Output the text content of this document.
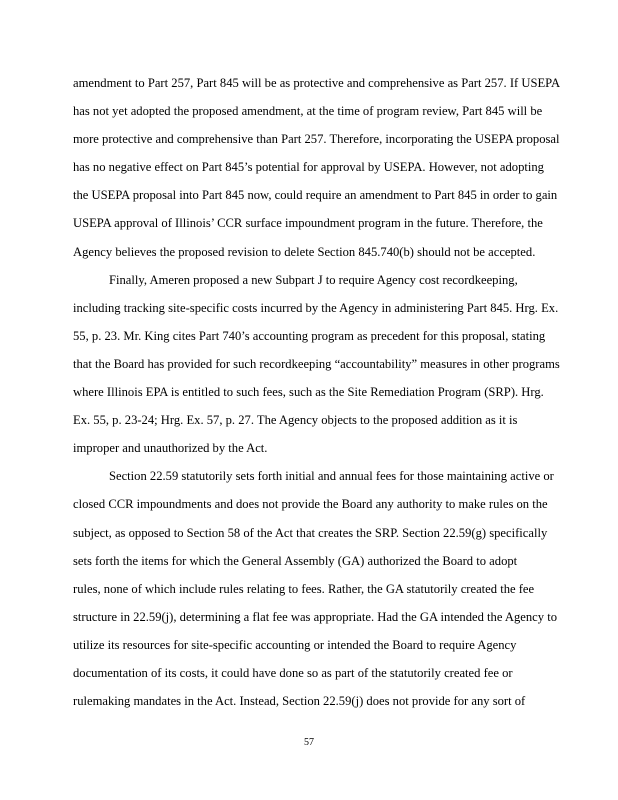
amendment to Part 257, Part 845 will be as protective and comprehensive as Part 257. If USEPA
has not yet adopted the proposed amendment, at the time of program review, Part 845 will be
more protective and comprehensive than Part 257. Therefore, incorporating the USEPA proposal
has no negative effect on Part 845’s potential for approval by USEPA. However, not adopting
the USEPA proposal into Part 845 now, could require an amendment to Part 845 in order to gain
USEPA approval of Illinois’ CCR surface impoundment program in the future. Therefore, the
Agency believes the proposed revision to delete Section 845.740(b) should not be accepted.
Finally, Ameren proposed a new Subpart J to require Agency cost recordkeeping,
including tracking site-specific costs incurred by the Agency in administering Part 845. Hrg. Ex.
55, p. 23. Mr. King cites Part 740’s accounting program as precedent for this proposal, stating
that the Board has provided for such recordkeeping “accountability” measures in other programs
where Illinois EPA is entitled to such fees, such as the Site Remediation Program (SRP). Hrg.
Ex. 55, p. 23-24; Hrg. Ex. 57, p. 27. The Agency objects to the proposed addition as it is
improper and unauthorized by the Act.
Section 22.59 statutorily sets forth initial and annual fees for those maintaining active or
closed CCR impoundments and does not provide the Board any authority to make rules on the
subject, as opposed to Section 58 of the Act that creates the SRP. Section 22.59(g) specifically
sets forth the items for which the General Assembly (GA) authorized the Board to adopt
rules, none of which include rules relating to fees. Rather, the GA statutorily created the fee
structure in 22.59(j), determining a flat fee was appropriate. Had the GA intended the Agency to
utilize its resources for site-specific accounting or intended the Board to require Agency
documentation of its costs, it could have done so as part of the statutorily created fee or
rulemaking mandates in the Act. Instead, Section 22.59(j) does not provide for any sort of
57
